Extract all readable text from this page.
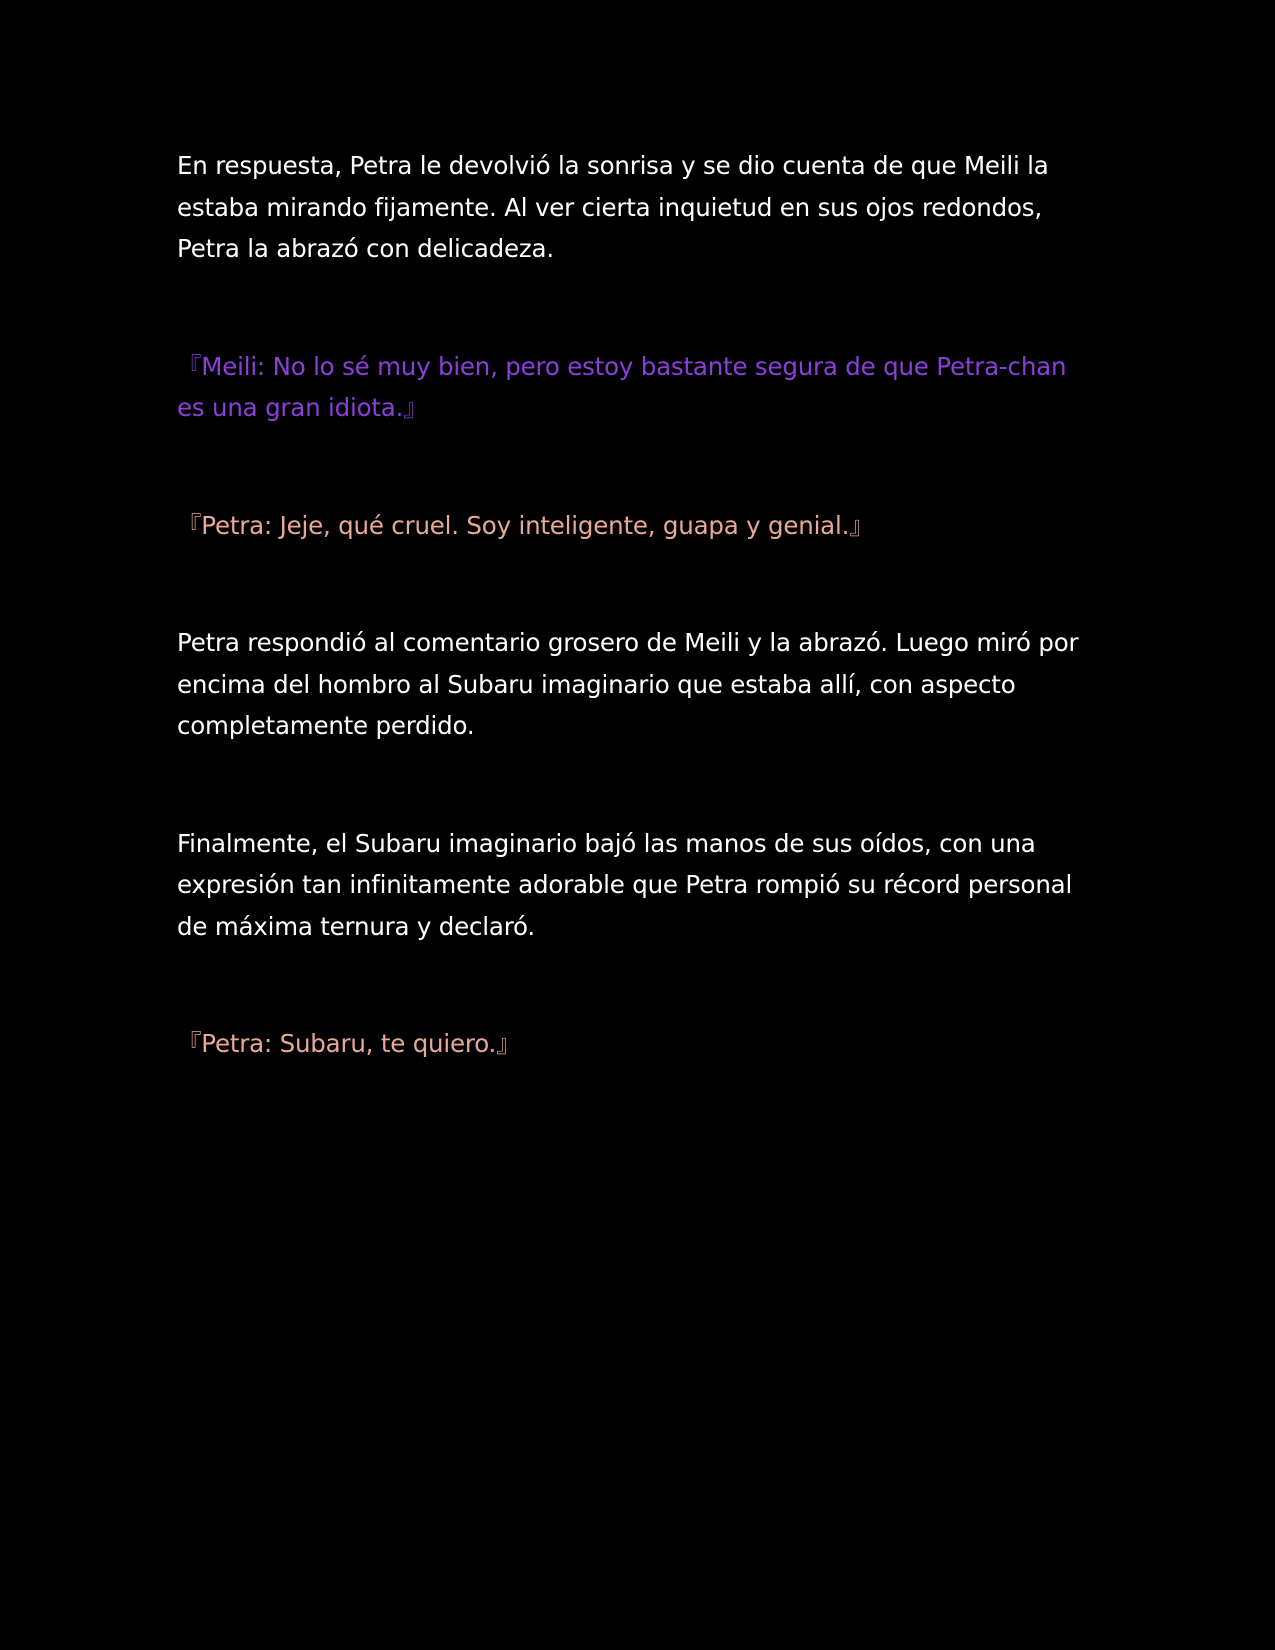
En respuesta, Petra le devolvió la sonrisa y se dio cuenta de que Meili la estaba mirando fijamente. Al ver cierta inquietud en sus ojos redondos, Petra la abrazó con delicadeza.

『Meili: No lo sé muy bien, pero estoy bastante segura de que Petra-chan es una gran idiota.』

『Petra: Jeje, qué cruel. Soy inteligente, guapa y genial.』

Petra respondió al comentario grosero de Meili y la abrazó. Luego miró por encima del hombro al Subaru imaginario que estaba allí, con aspecto completamente perdido.

Finalmente, el Subaru imaginario bajó las manos de sus oídos, con una expresión tan infinitamente adorable que Petra rompió su récord personal de máxima ternura y declaró.

『Petra: Subaru, te quiero.』
